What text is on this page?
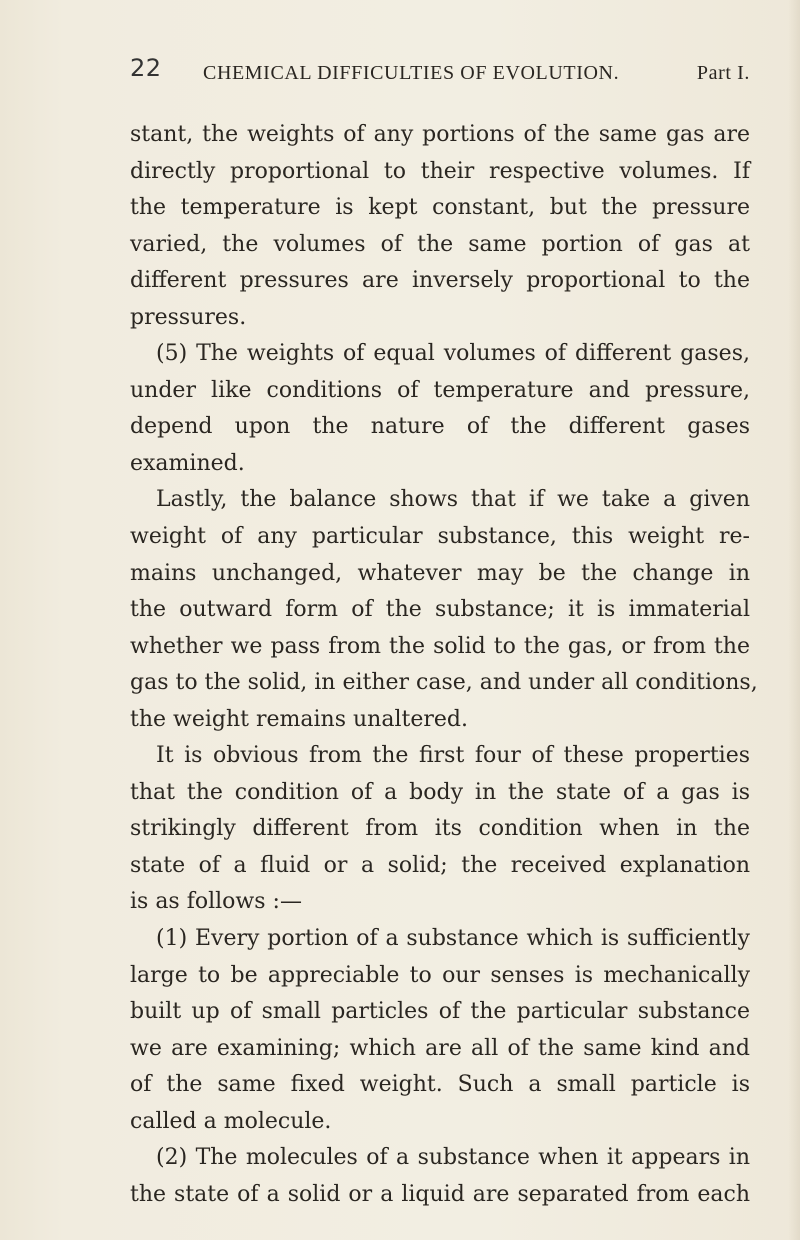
22 CHEMICAL DIFFICULTIES OF EVOLUTION.	Part I.
stant, the weights of any portions of the same gas are
directly proportional to their respective volumes. If
the temperature is kept constant, but the pressure
varied, the volumes of the same portion of gas at
different pressures are inversely proportional to the
pressures.
(5) The weights of equal volumes of different gases,
under like conditions of temperature and pressure,
depend upon the nature of the different gases
examined.
Lastly, the balance shows that if we take a given
weight of any particular substance, this weight re-
mains unchanged, whatever may be the change in
the outward form of the substance; it is immaterial
whether we pass from the solid to the gas, or from the
gas to the solid, in either case, and under all conditions,
the weight remains unaltered.
It is obvious from the first four of these properties
that the condition of a body in the state of a gas is
strikingly different from its condition when in the
state of a fluid or a solid; the received explanation
is as follows :—
(1) Every portion of a substance which is sufficiently
large to be appreciable to our senses is mechanically
built up of small particles of the particular substance
we are examining; which are all of the same kind and
of the same fixed weight. Such a small particle is
called a molecule.
(2) The molecules of a substance when it appears in
the state of a solid or a liquid are separated from each
